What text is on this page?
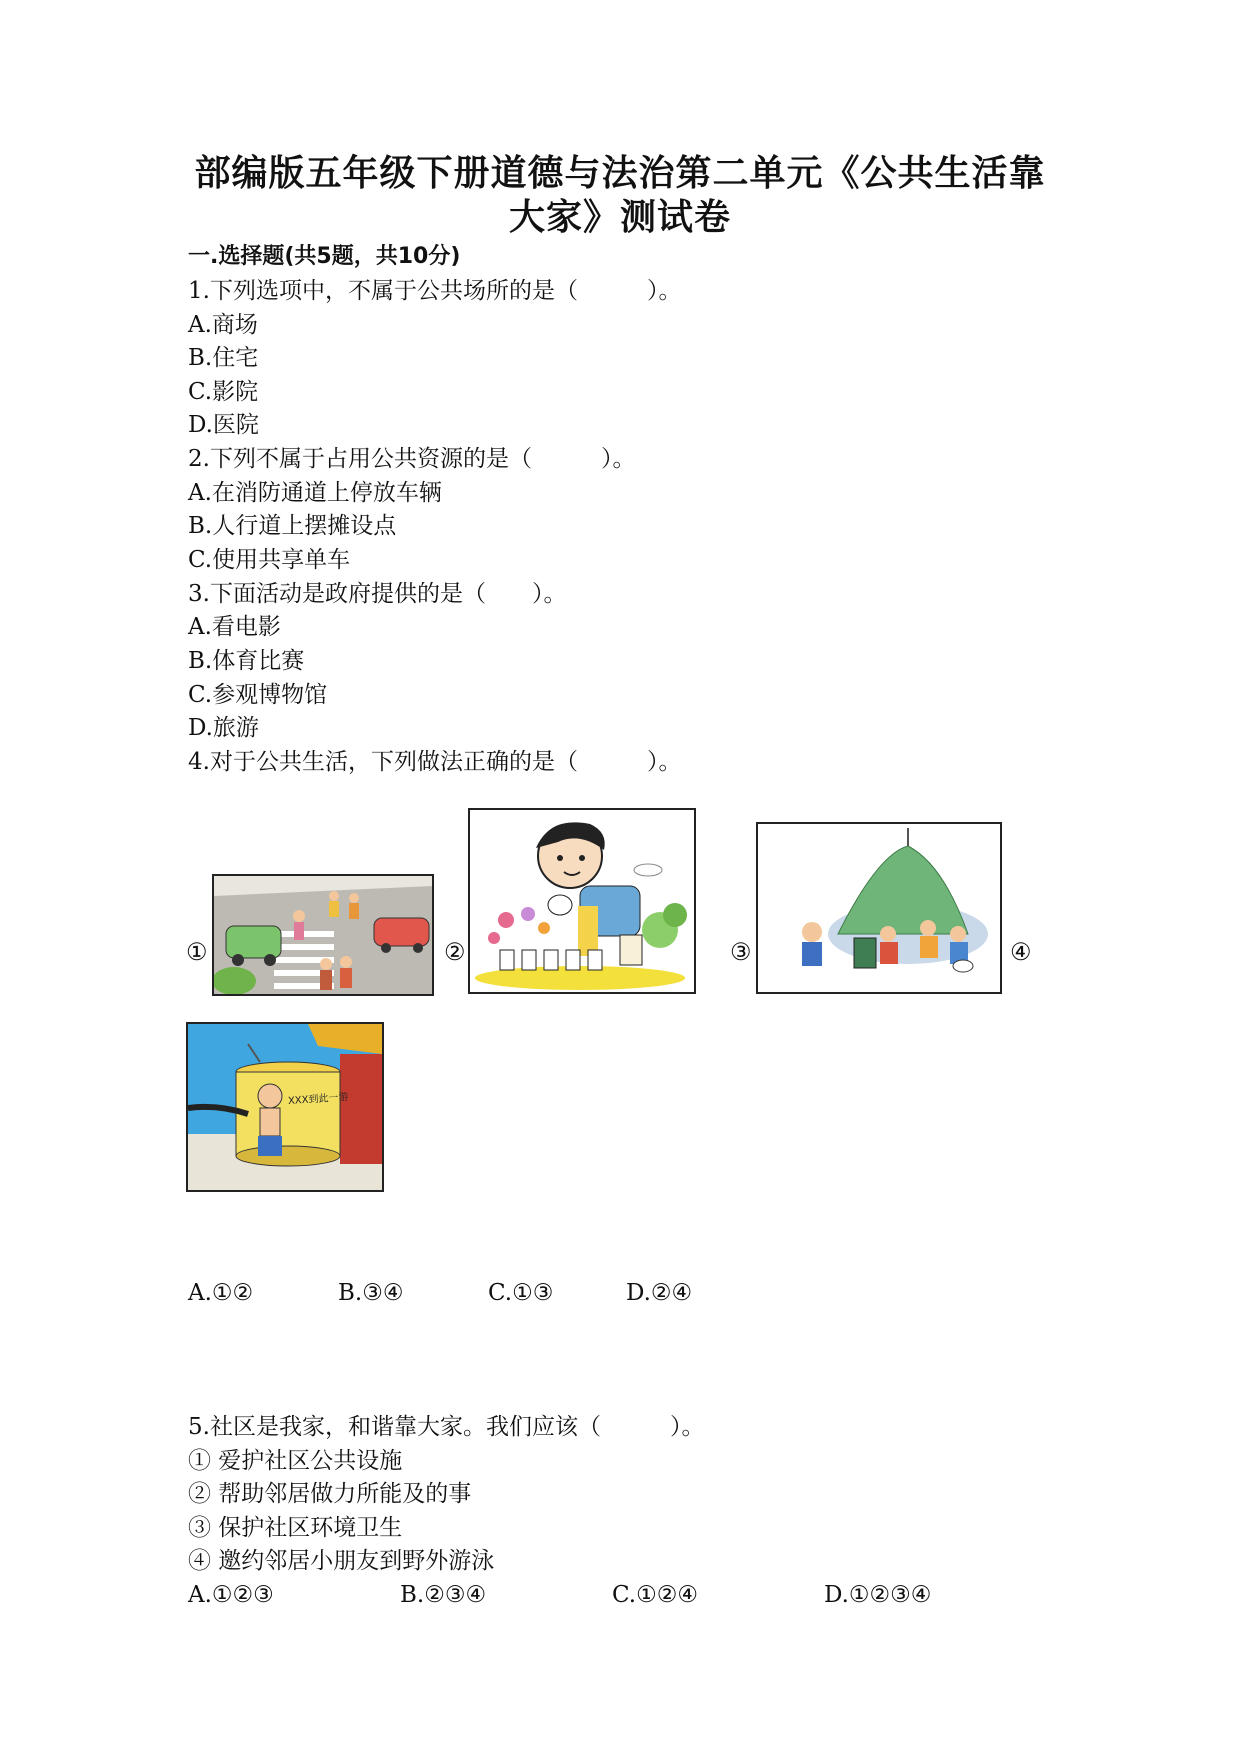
部编版五年级下册道德与法治第二单元《公共生活靠
大家》测试卷
一.选择题(共5题，共10分)
1.下列选项中，不属于公共场所的是（　　　）。
A.商场
B.住宅
C.影院
D.医院
2.下列不属于占用公共资源的是（　　　）。
A.在消防通道上停放车辆
B.人行道上摆摊设点
C.使用共享单车
3.下面活动是政府提供的是（　　）。
A.看电影
B.体育比赛
C.参观博物馆
D.旅游
4.对于公共生活，下列做法正确的是（　　　）。
①	②	③	④
XXX到此一游
A.①②	B.③④	C.①③	D.②④
5.社区是我家，和谐靠大家。我们应该（　　　）。
① 爱护社区公共设施
② 帮助邻居做力所能及的事
③ 保护社区环境卫生
④ 邀约邻居小朋友到野外游泳
A.①②③	B.②③④	C.①②④	D.①②③④
